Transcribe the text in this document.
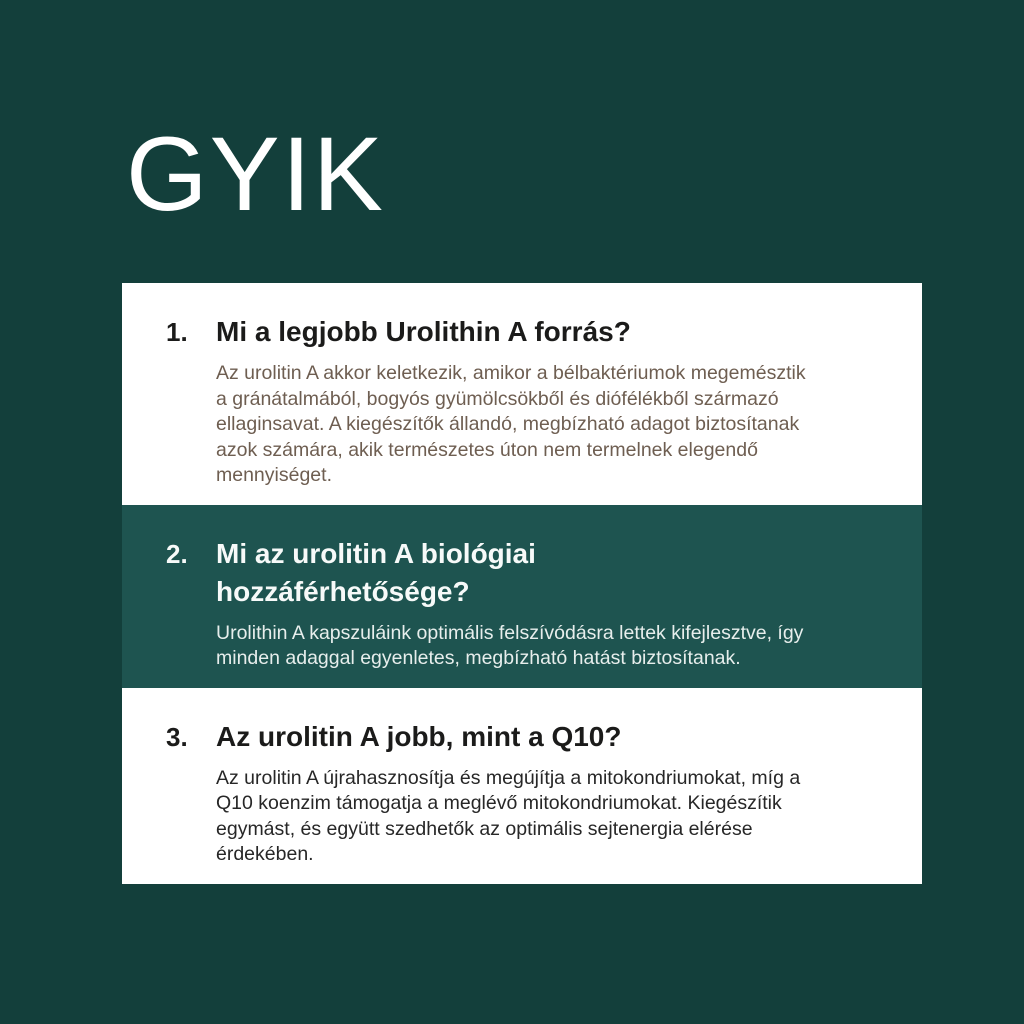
GYIK
1.	Mi a legjobb Urolithin A forrás?

Az urolitin A akkor keletkezik, amikor a bélbaktériumok megemésztik a gránátalmából, bogyós gyümölcsökből és diófélékből származó ellaginsavat. A kiegészítők állandó, megbízható adagot biztosítanak azok számára, akik természetes úton nem termelnek elegendő mennyiséget.

2.	Mi az urolitin A biológiai hozzáférhetősége?

Urolithin A kapszuláink optimális felszívódásra lettek kifejlesztve, így minden adaggal egyenletes, megbízható hatást biztosítanak.

3.	Az urolitin A jobb, mint a Q10?

Az urolitin A újrahasznosítja és megújítja a mitokondriumokat, míg a Q10 koenzim támogatja a meglévő mitokondriumokat. Kiegészítik egymást, és együtt szedhetők az optimális sejtenergia elérése érdekében.
